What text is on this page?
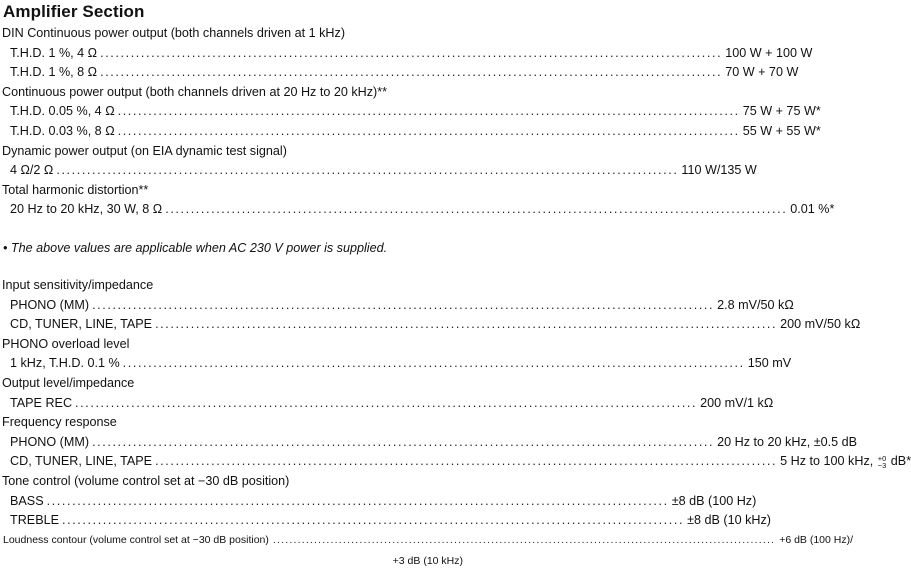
Amplifier Section
DIN Continuous power output (both channels driven at 1 kHz)
T.H.D. 1 %, 4 Ω .......................................................................................................................... 100 W + 100 W
T.H.D. 1 %, 8 Ω .......................................................................................................................... 70 W + 70 W
Continuous power output (both channels driven at 20 Hz to 20 kHz)**
T.H.D. 0.05 %, 4 Ω .......................................................................................................................... 75 W + 75 W*
T.H.D. 0.03 %, 8 Ω .......................................................................................................................... 55 W + 55 W*
Dynamic power output (on EIA dynamic test signal)
4 Ω/2 Ω .......................................................................................................................... 110 W/135 W
Total harmonic distortion**
20 Hz to 20 kHz, 30 W, 8 Ω .......................................................................................................................... 0.01 %*
• The above values are applicable when AC 230 V power is supplied.
Input sensitivity/impedance
PHONO (MM) .......................................................................................................................... 2.8 mV/50 kΩ
CD, TUNER, LINE, TAPE .......................................................................................................................... 200 mV/50 kΩ
PHONO overload level
1 kHz, T.H.D. 0.1 % .......................................................................................................................... 150 mV
Output level/impedance
TAPE REC .......................................................................................................................... 200 mV/1 kΩ
Frequency response
PHONO (MM) .......................................................................................................................... 20 Hz to 20 kHz, ±0.5 dB
CD, TUNER, LINE, TAPE .......................................................................................................................... 5 Hz to 100 kHz, +0
−3 dB*
Tone control (volume control set at −30 dB position)
BASS .......................................................................................................................... ±8 dB (100 Hz)
TREBLE .......................................................................................................................... ±8 dB (10 kHz)
Loudness contour (volume control set at −30 dB position) .......................................................................................................................... +6 dB (100 Hz)/
+3 dB (10 kHz)
